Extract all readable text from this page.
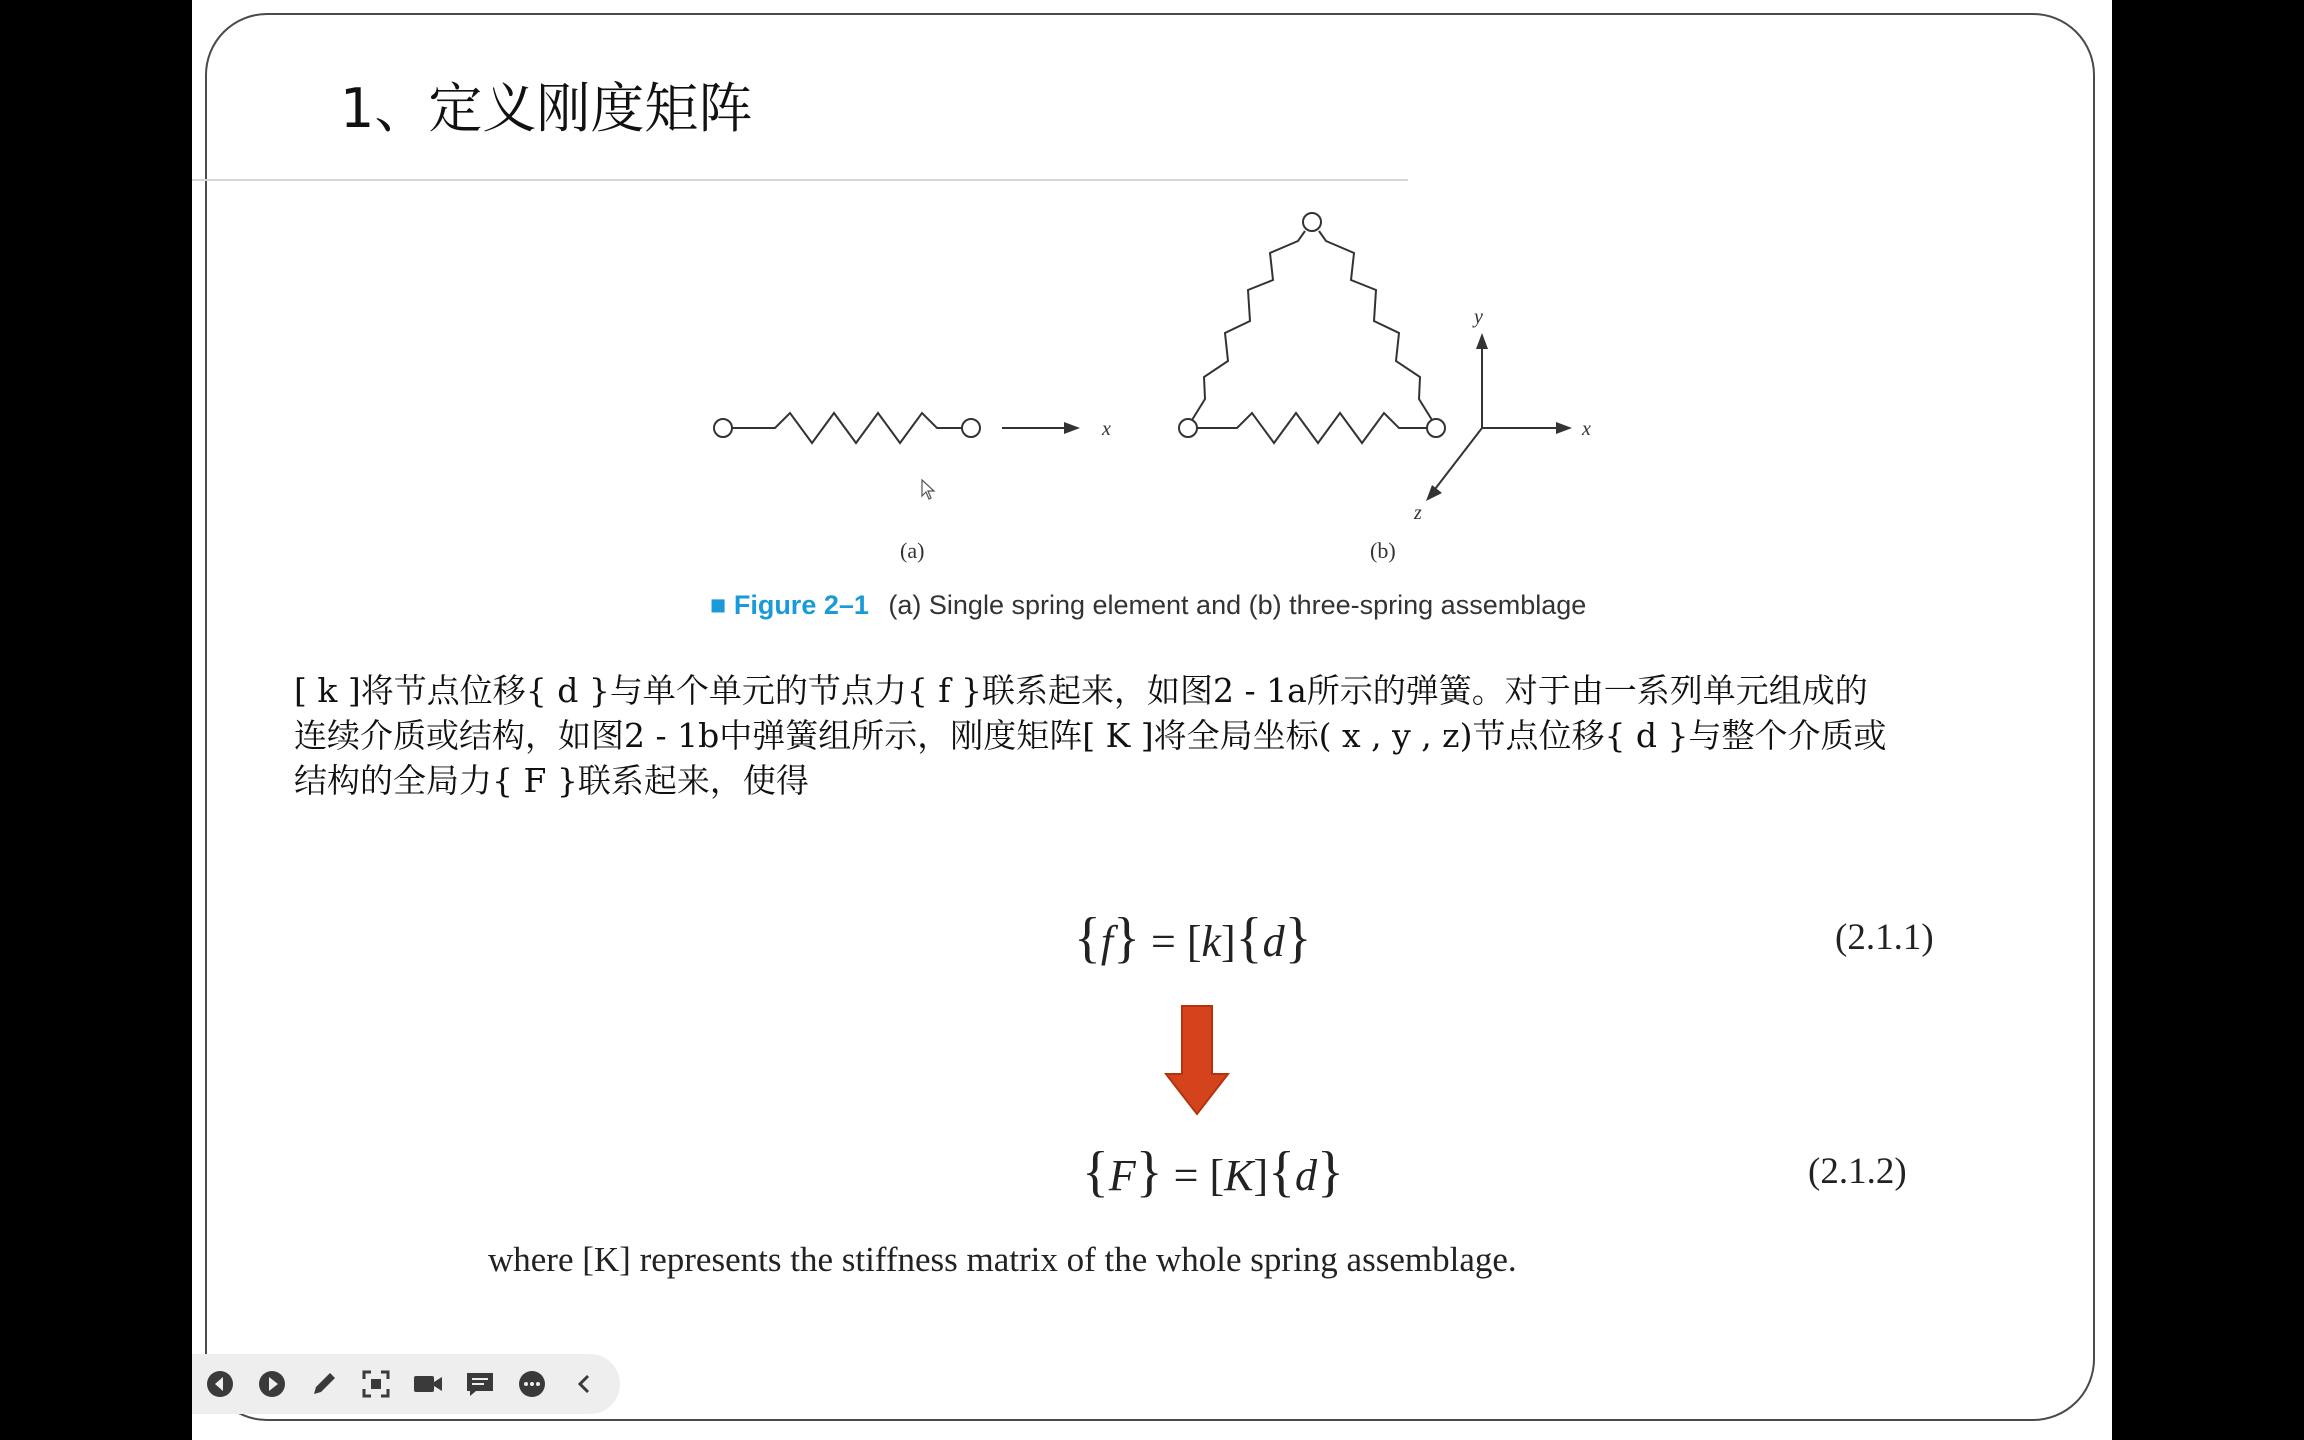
1、定义刚度矩阵
x
y
x
z
(a)	(b)
■ Figure 2–1 (a) Single spring element and (b) three-spring assemblage
[ k ]将节点位移{ d }与单个单元的节点力{ f }联系起来，如图2 - 1a所示的弹簧。对于由一系列单元组成的
连续介质或结构，如图2 - 1b中弹簧组所示，刚度矩阵[ K ]将全局坐标( x , y , z)节点位移{ d }与整个介质或
结构的全局力{ F }联系起来，使得
{f} = [k]{d}	(2.1.1)
{F} = [K]{d}	(2.1.2)
where [K] represents the stiffness matrix of the whole spring assemblage.
